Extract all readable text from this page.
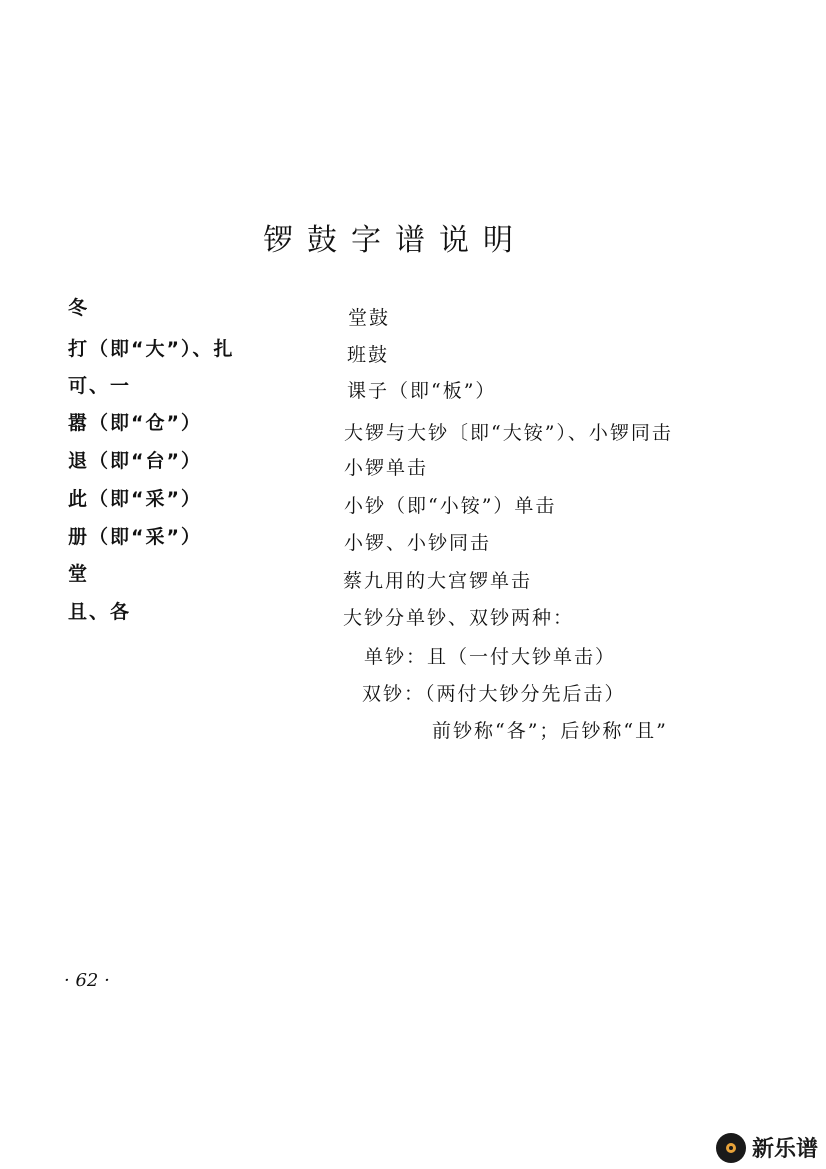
锣鼓字谱说明
冬
打（即“大”）、扎
可、一
嚣（即“仓”）
退（即“台”）
此（即“采”）
册（即“采”）
堂
且、各
堂鼓
班鼓
课子（即“板”）
大锣与大钞〔即“大铵”）、小锣同击
小锣单击
小钞（即“小铵”）单击
小锣、小钞同击
蔡九用的大宫锣单击
大钞分单钞、双钞两种：
单钞：且（一付大钞单击）
双钞：（两付大钞分先后击）
前钞称“各”；后钞称“且”
· 62 ·
新乐谱
